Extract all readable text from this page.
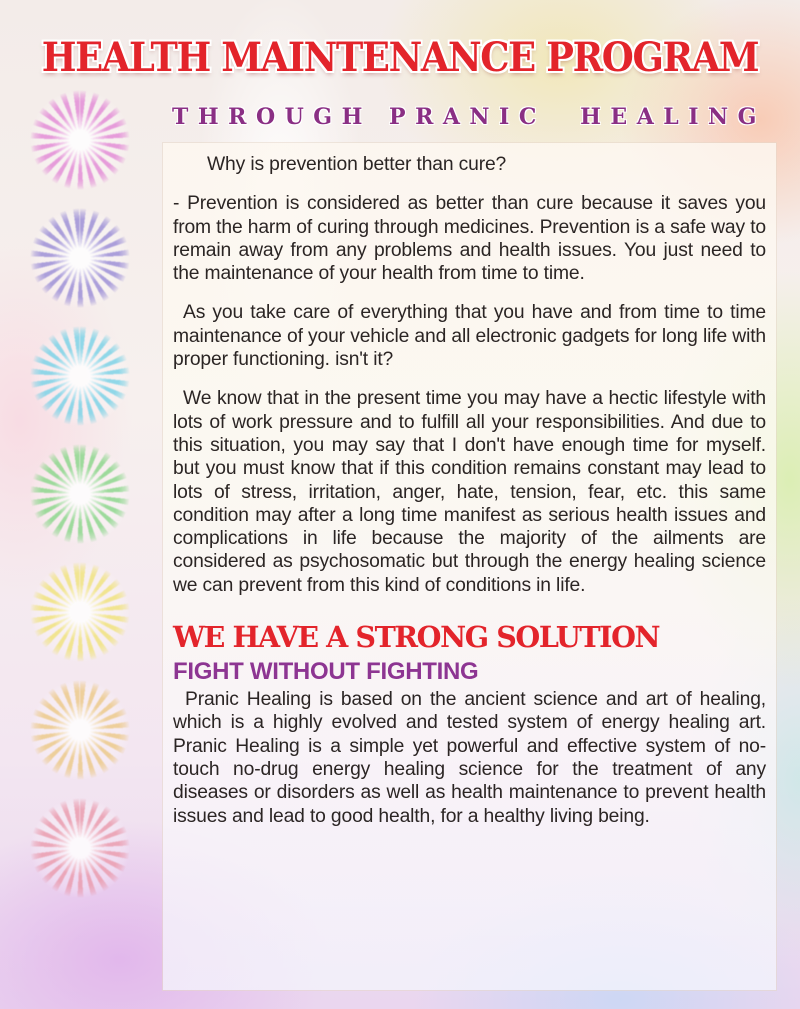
HEALTH MAINTENANCE PROGRAM
THROUGH PRANIC  HEALING

Why is prevention better than cure?

- Prevention is considered as better than cure because it saves you from the harm of curing through medicines. Prevention is a safe way to remain away from any problems and health issues. You just need to the maintenance of your health from time to time.

As you take care of everything that you have and from time to time maintenance of your vehicle and all electronic gadgets for long life with proper functioning. isn't it?

We know that in the present time you may have a hectic lifestyle with lots of work pressure and to fulfill all your responsibilities. And due to this situation, you may say that I don't have enough time for myself. but you must know that if this condition remains constant may lead to lots of stress, irritation, anger, hate, tension, fear, etc. this same condition may after a long time manifest as serious health issues and complications in life because the majority of the ailments are considered as psychosomatic but through the energy healing science we can prevent from this kind of conditions in life.

WE HAVE A STRONG SOLUTION
FIGHT WITHOUT FIGHTING

Pranic Healing is based on the ancient science and art of healing, which is a highly evolved and tested system of energy healing art. Pranic Healing is a simple yet powerful and effective system of no-touch no-drug energy healing science for the treatment of any diseases or disorders as well as health maintenance to prevent health issues and lead to good health, for a healthy living being.
